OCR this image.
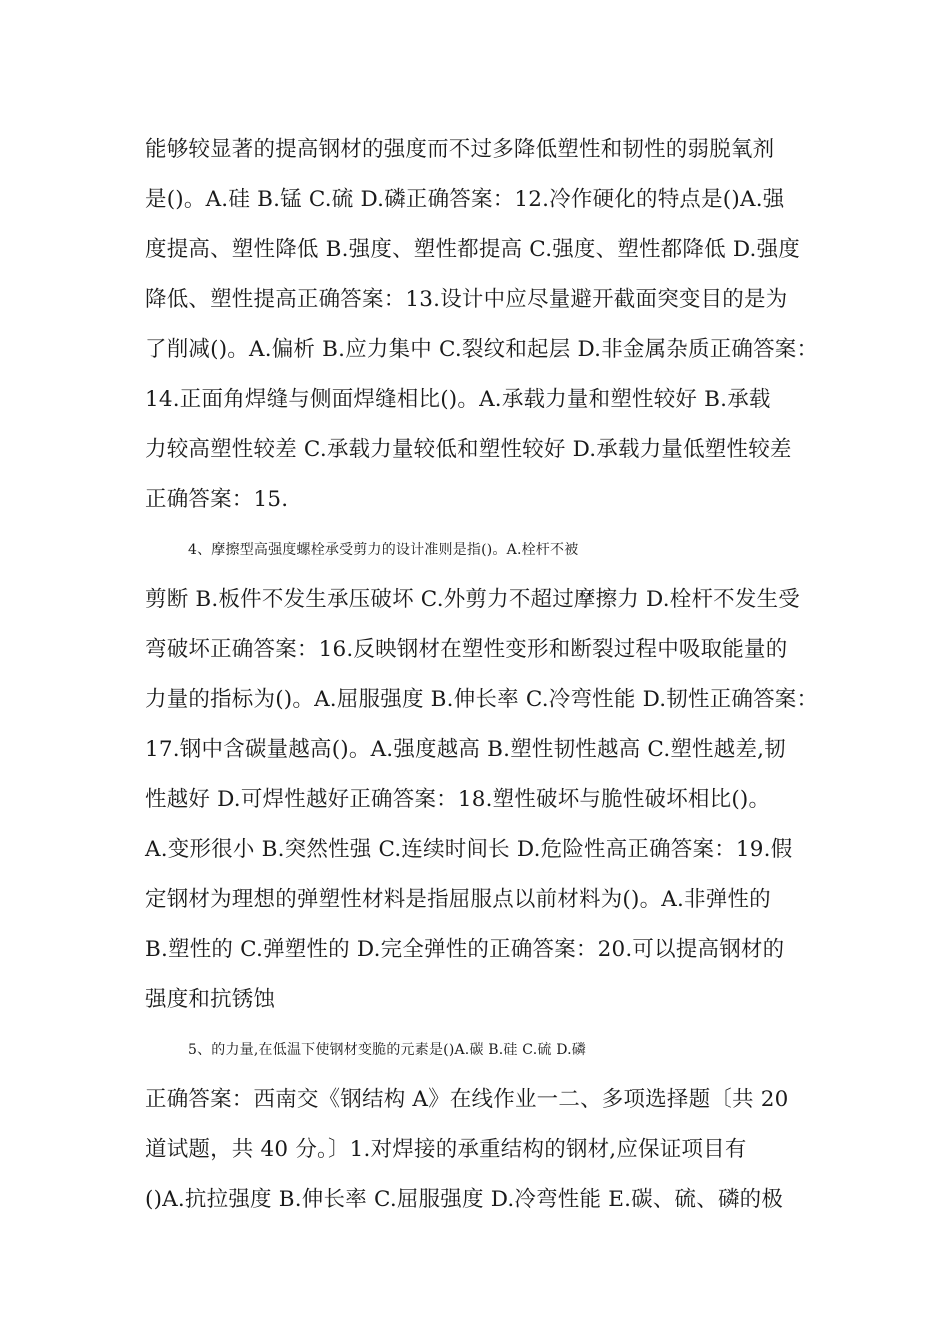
能够较显著的提高钢材的强度而不过多降低塑性和韧性的弱脱氧剂
是()。A.硅 B.锰 C.硫 D.磷正确答案：12.冷作硬化的特点是()A.强
度提高、塑性降低 B.强度、塑性都提高 C.强度、塑性都降低 D.强度
降低、塑性提高正确答案：13.设计中应尽量避开截面突变目的是为
了削减()。A.偏析 B.应力集中 C.裂纹和起层 D.非金属杂质正确答案：
14.正面角焊缝与侧面焊缝相比()。A.承载力量和塑性较好 B.承载
力较高塑性较差 C.承载力量较低和塑性较好 D.承载力量低塑性较差
正确答案：15.
4、摩擦型高强度螺栓承受剪力的设计准则是指()。A.栓杆不被
剪断 B.板件不发生承压破坏 C.外剪力不超过摩擦力 D.栓杆不发生受
弯破坏正确答案：16.反映钢材在塑性变形和断裂过程中吸取能量的
力量的指标为()。A.屈服强度 B.伸长率 C.冷弯性能 D.韧性正确答案：
17.钢中含碳量越高()。A.强度越高 B.塑性韧性越高 C.塑性越差,韧
性越好 D.可焊性越好正确答案：18.塑性破坏与脆性破坏相比()。
A.变形很小 B.突然性强 C.连续时间长 D.危险性高正确答案：19.假
定钢材为理想的弹塑性材料是指屈服点以前材料为()。A.非弹性的
B.塑性的 C.弹塑性的 D.完全弹性的正确答案：20.可以提高钢材的
强度和抗锈蚀
5、的力量,在低温下使钢材变脆的元素是()A.碳 B.硅 C.硫 D.磷
正确答案：西南交《钢结构 A》在线作业一二、多项选择题〔共 20
道试题，共 40 分。〕1.对焊接的承重结构的钢材,应保证项目有
()A.抗拉强度 B.伸长率 C.屈服强度 D.冷弯性能 E.碳、硫、磷的极
